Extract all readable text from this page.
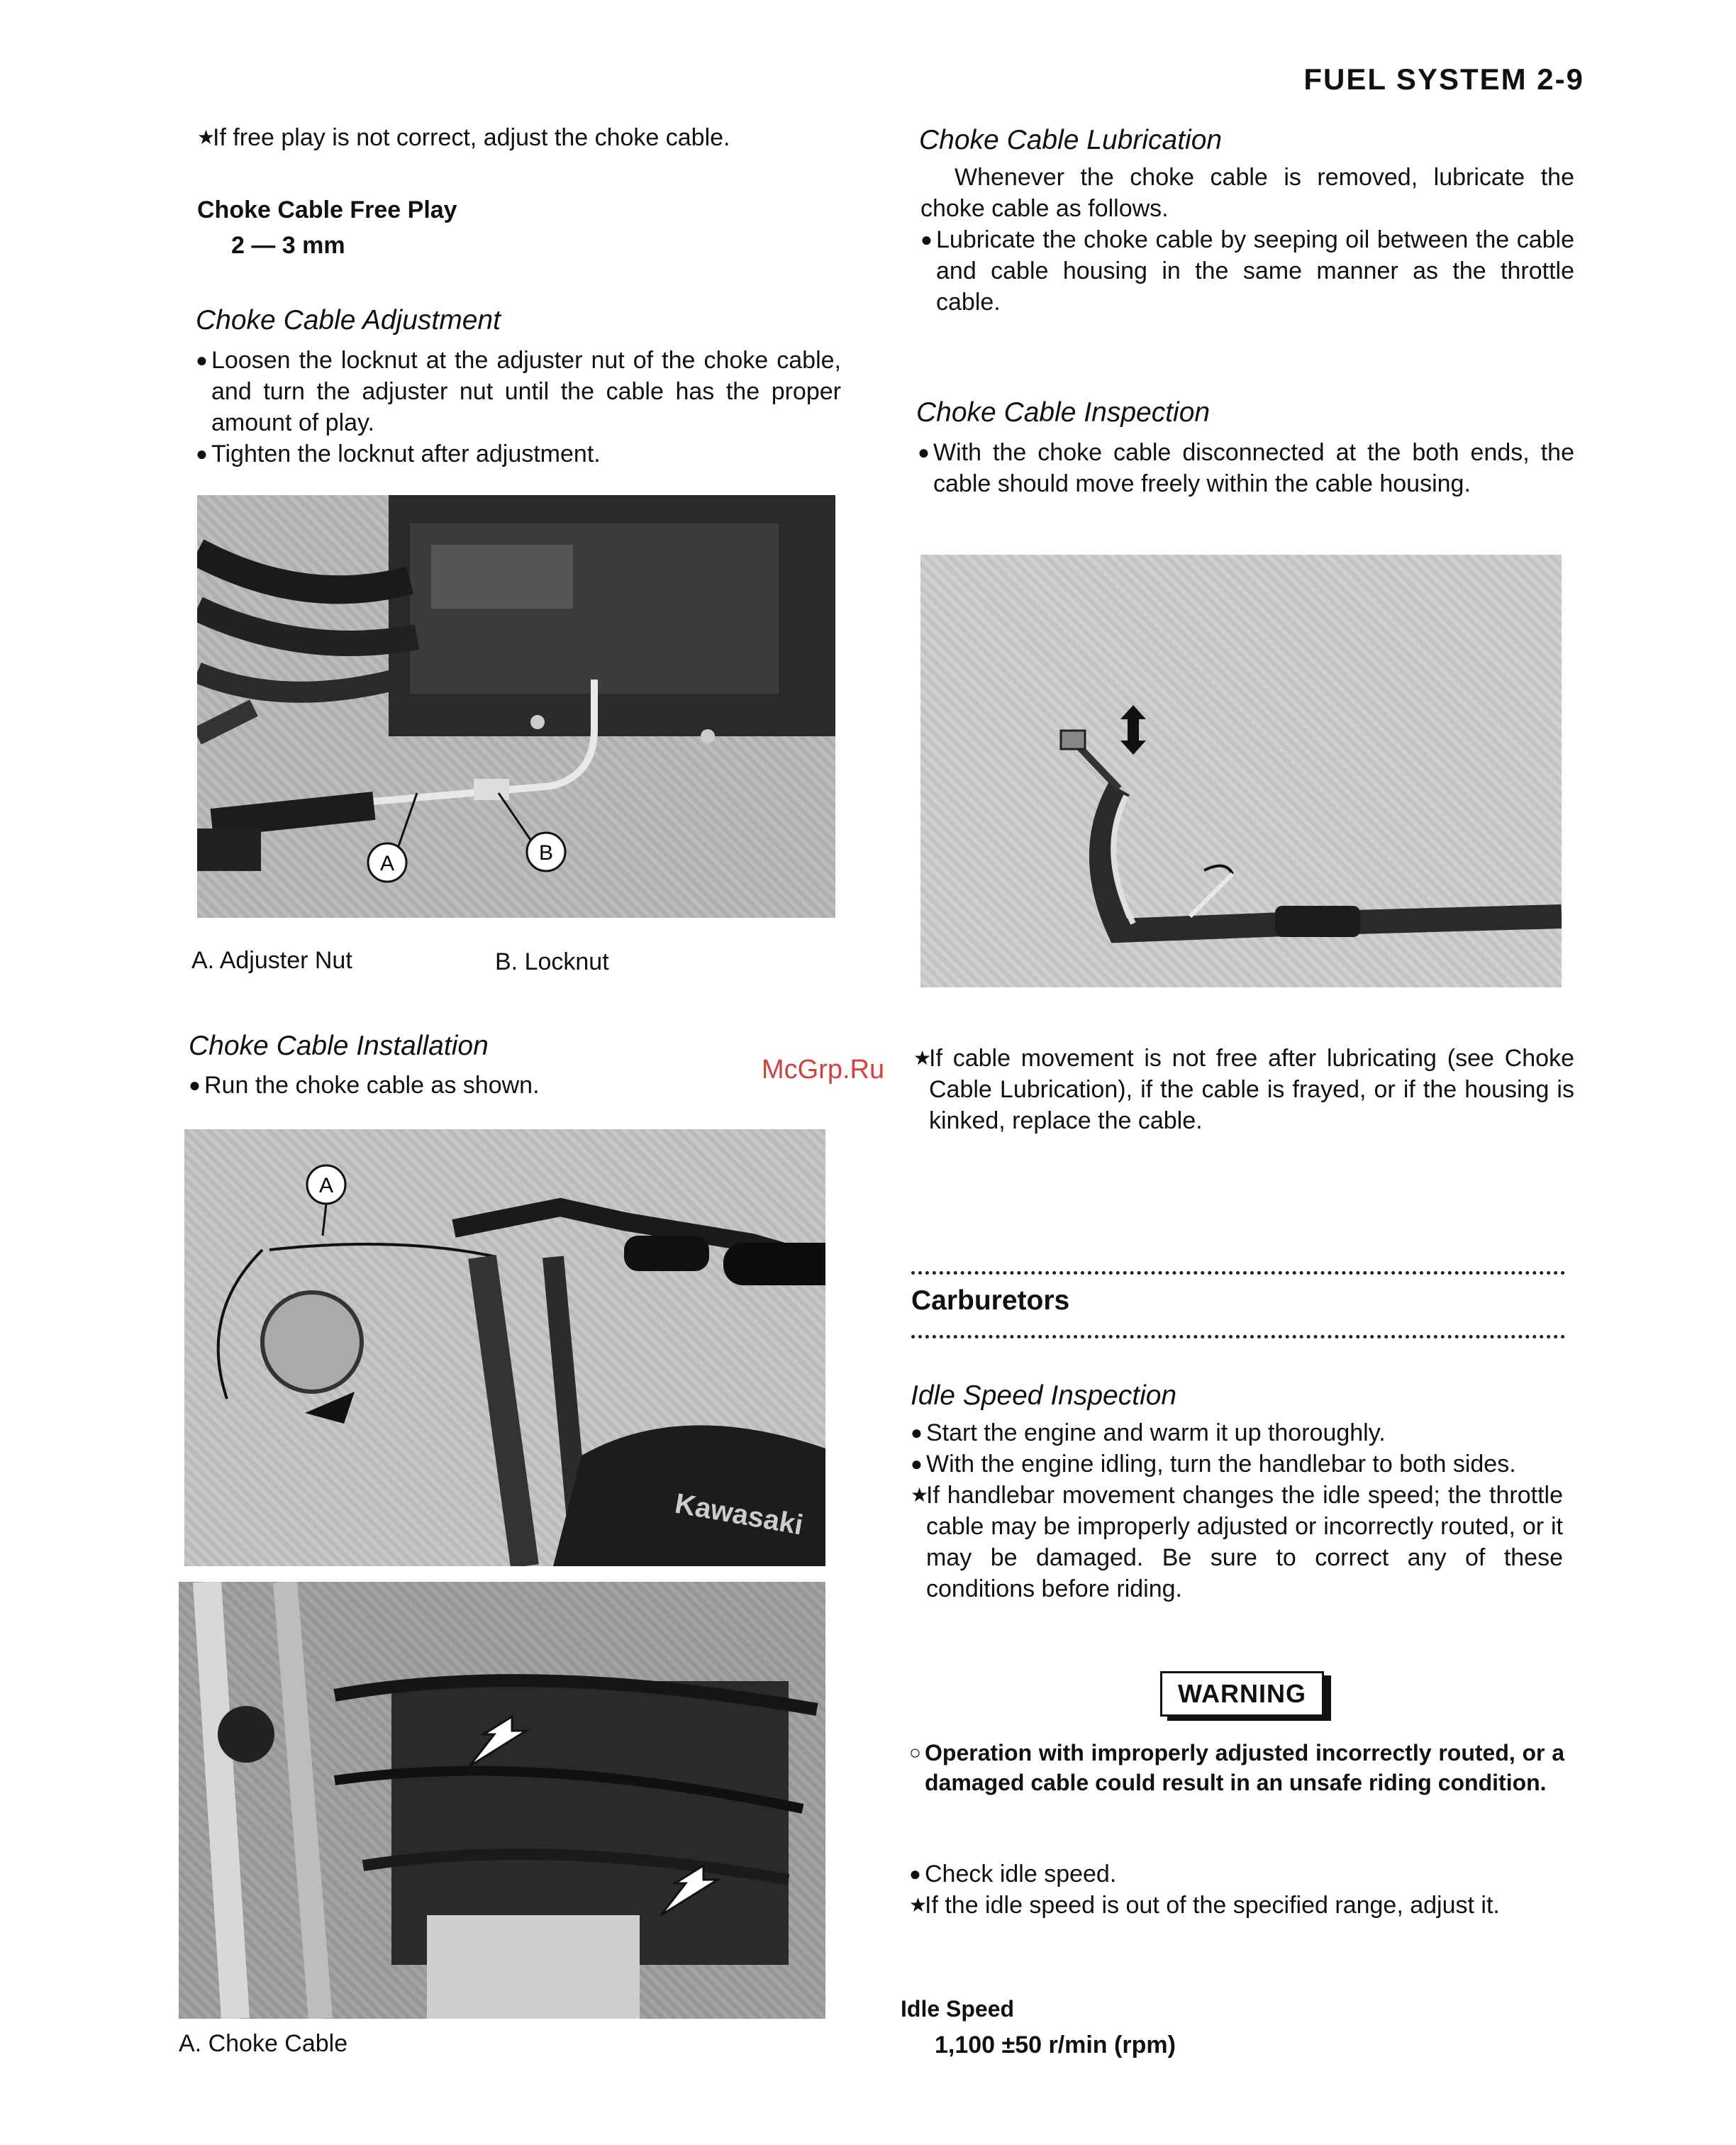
FUEL SYSTEM 2-9
★
If free play is not correct, adjust the choke cable.
Choke Cable Free Play
2 — 3 mm
Choke Cable Adjustment
● Loosen the locknut at the adjuster nut of the choke cable, and turn the adjuster nut until the cable has the proper amount of play.
● Tighten the locknut after adjustment.
A	B
A. Adjuster Nut	B. Locknut
Choke Cable Installation
● Run the choke cable as shown.
Kawasaki
A
A. Choke Cable
Choke Cable Lubrication
Whenever the choke cable is removed, lubricate the choke cable as follows.
● Lubricate the choke cable by seeping oil between the cable and cable housing in the same manner as the throttle cable.
Choke Cable Inspection
● With the choke cable disconnected at the both ends, the cable should move freely within the cable housing.
★
If cable movement is not free after lubricating (see Choke Cable Lubrication), if the cable is frayed, or if the housing is kinked, replace the cable.
McGrp.Ru
Carburetors
Idle Speed Inspection
● Start the engine and warm it up thoroughly.
● With the engine idling, turn the handlebar to both sides.
★
If handlebar movement changes the idle speed; the throttle cable may be improperly adjusted or incorrectly routed, or it may be damaged. Be sure to correct any of these conditions before riding.
WARNING
○ Operation with improperly adjusted incorrectly routed, or a damaged cable could result in an unsafe riding condition.
● Check idle speed.
★
If the idle speed is out of the specified range, adjust it.
Idle Speed
1,100 ±50 r/min (rpm)
